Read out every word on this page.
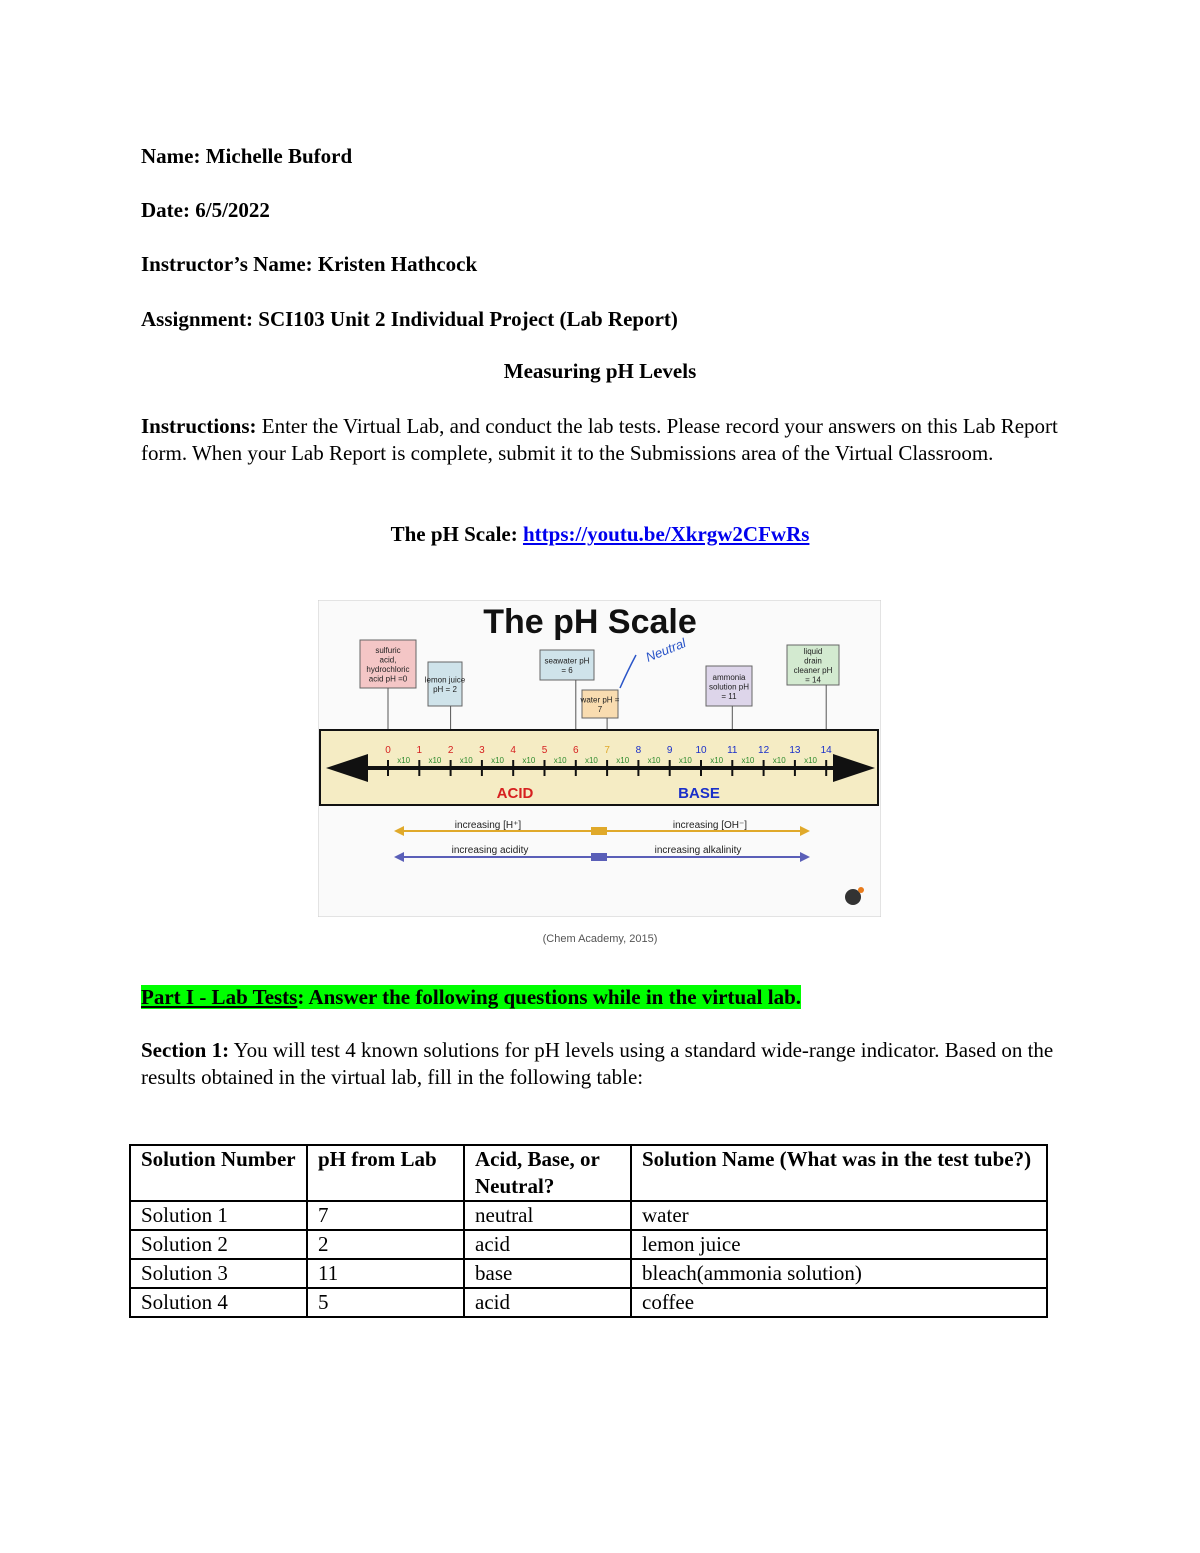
Name: Michelle Buford
Date: 6/5/2022
Instructor’s Name: Kristen Hathcock
Assignment: SCI103 Unit 2 Individual Project (Lab Report)
Measuring pH Levels
Instructions: Enter the Virtual Lab, and conduct the lab tests. Please record your answers on this Lab Report form. When your Lab Report is complete, submit it to the Submissions area of the Virtual Classroom.
The pH Scale: https://youtu.be/Xkrgw2CFwRs
The pH Scale
Neutral
sulfuric acid, hydrochloric acid pH =0 lemon juice pH = 2
seawater pH = 6
water pH = 7
ammonia solution pH = 11
liquid drain cleaner pH = 14
0
x10
1
x10
2
x10
3
x10
4
x10
5
x10
6
x10
7
x10
8
x10
9
x10
10
x10
11
x10
12
x10
13
x10
14
ACID	BASE
increasing [H⁺]	increasing [OH⁻]
increasing acidity	increasing alkalinity
(Chem Academy, 2015)
Part I - Lab Tests: Answer the following questions while in the virtual lab.
Section 1: You will test 4 known solutions for pH levels using a standard wide-range indicator. Based on the results obtained in the virtual lab, fill in the following table:
Solution Number	pH from Lab	Acid, Base, or Neutral?	Solution Name (What was in the test tube?)
Solution 1	7	neutral	water
Solution 2	2	acid	lemon juice
Solution 3	11	base	bleach(ammonia solution)
Solution 4	5	acid	coffee
